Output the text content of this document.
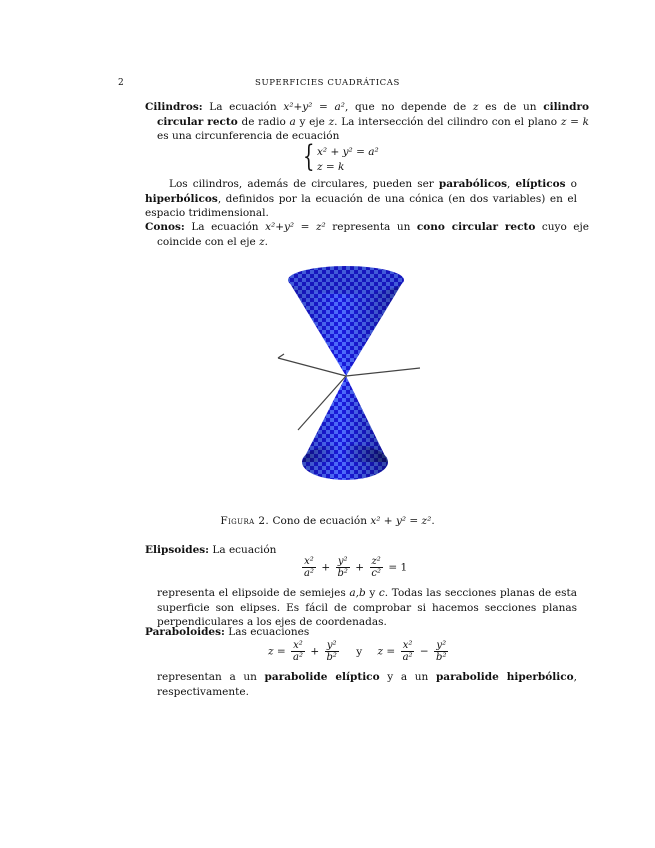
2	SUPERFICIES CUADRÁTICAS
Cilindros: La ecuación x²+y² = a², que no depende de z es de un cilindro circular recto de radio a y eje z. La intersección del cilindro con el plano z = k es una circunferencia de ecuación
{ x² + y² = a²
z = k
Los cilindros, además de circulares, pueden ser parabólicos, elípticos o hiperbólicos, definidos por la ecuación de una cónica (en dos variables) en el espacio tridimensional.
Conos: La ecuación x²+y² = z² representa un cono circular recto cuyo eje coincide con el eje z.
Figura 2. Cono de ecuación x² + y² = z².
Elipsoides: La ecuación
$\frac{\text{x²}}{\text{a²}} + \frac{\text{y²}}{\text{b²}} + \frac{\text{z²}}{\text{c²}} = 1$
representa el elipsoide de semiejes a,b y c. Todas las secciones planas de esta superficie son elipses. Es fácil de comprobar si hacemos secciones planas perpendiculares a los ejes de coordenadas.
Paraboloides: Las ecuaciones
$z = \frac{\text{x²}}{\text{a²}} + \frac{\text{y²}}{\text{b²}}$ y $z = \frac{\text{x²}}{\text{a²}} - \frac{\text{y²}}{\text{b²}}$
representan a un parabolide elíptico y a un parabolide hiperbólico, respectivamente.
